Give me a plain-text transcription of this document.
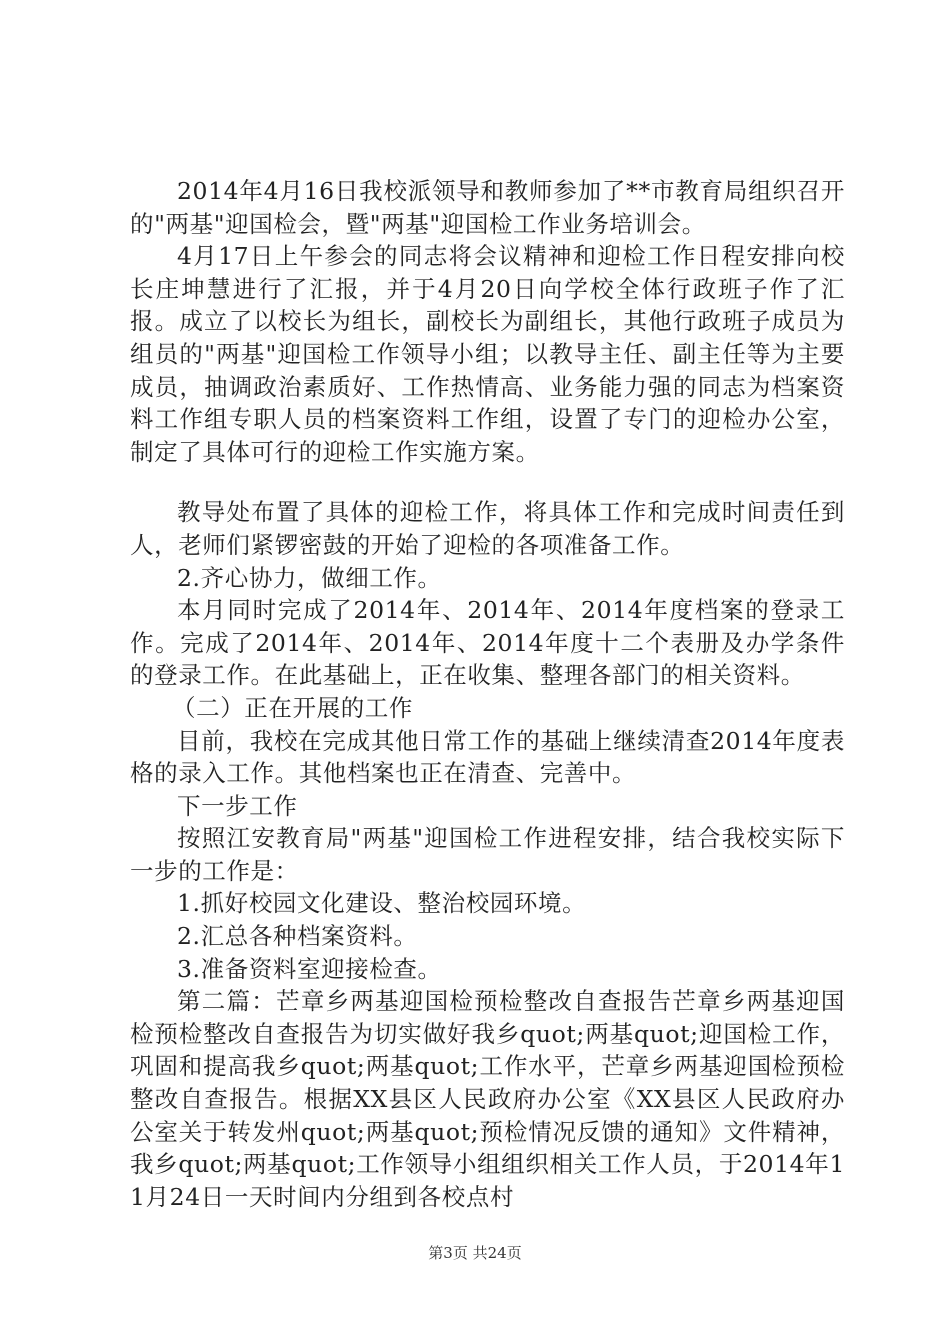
2014年4月16日我校派领导和教师参加了**市教育局组织召开的"两基"迎国检会，暨"两基"迎国检工作业务培训会。

4月17日上午参会的同志将会议精神和迎检工作日程安排向校长庄坤慧进行了汇报，并于4月20日向学校全体行政班子作了汇报。成立了以校长为组长，副校长为副组长，其他行政班子成员为组员的"两基"迎国检工作领导小组；以教导主任、副主任等为主要成员，抽调政治素质好、工作热情高、业务能力强的同志为档案资料工作组专职人员的档案资料工作组，设置了专门的迎检办公室，制定了具体可行的迎检工作实施方案。

教导处布置了具体的迎检工作，将具体工作和完成时间责任到人，老师们紧锣密鼓的开始了迎检的各项准备工作。

2.齐心协力，做细工作。

本月同时完成了2014年、2014年、2014年度档案的登录工作。完成了2014年、2014年、2014年度十二个表册及办学条件的登录工作。在此基础上，正在收集、整理各部门的相关资料。

（二）正在开展的工作

目前，我校在完成其他日常工作的基础上继续清查2014年度表格的录入工作。其他档案也正在清查、完善中。

下一步工作

按照江安教育局"两基"迎国检工作进程安排，结合我校实际下一步的工作是：

1.抓好校园文化建设、整治校园环境。

2.汇总各种档案资料。

3.准备资料室迎接检查。

第二篇：芒章乡两基迎国检预检整改自查报告芒章乡两基迎国检预检整改自查报告为切实做好我乡quot;两基quot;迎国检工作，巩固和提高我乡quot;两基quot;工作水平，芒章乡两基迎国检预检整改自查报告。根据XX县区人民政府办公室《XX县区人民政府办公室关于转发州quot;两基quot;预检情况反馈的通知》文件精神，我乡quot;两基quot;工作领导小组组织相关工作人员，于2014年11月24日一天时间内分组到各校点村

第3页 共24页
